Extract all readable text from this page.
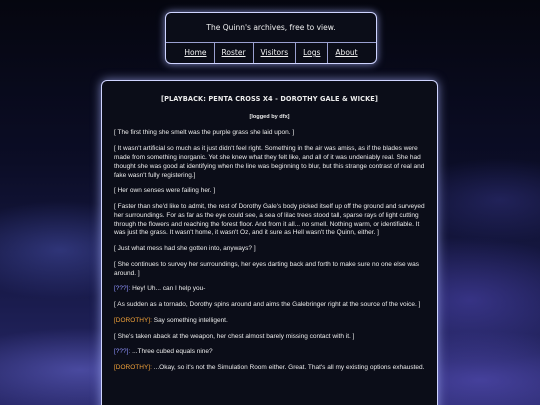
The Quinn's archives, free to view.
Home	Roster	Visitors	Logs	About
[PLAYBACK: PENTA CROSS X4 - DOROTHY GALE & WICKE]
[logged by dfx]

[ The first thing she smelt was the purple grass she laid upon. ]

[ It wasn't artificial so much as it just didn't feel right. Something in the air was amiss, as if the blades were made from something inorganic. Yet she knew what they felt like, and all of it was undeniably real. She had thought she was good at identifying when the line was beginning to blur, but this strange contrast of real and fake wasn't fully registering.]

[ Her own senses were failing her. ]

[ Faster than she'd like to admit, the rest of Dorothy Gale's body picked itself up off the ground and surveyed her surroundings. For as far as the eye could see, a sea of lilac trees stood tall, sparse rays of light cutting through the flowers and reaching the forest floor. And from it all... no smell. Nothing warm, or identifiable. It was just the grass. It wasn't home, it wasn't Oz, and it sure as Hell wasn't the Quinn, either. ]

[ Just what mess had she gotten into, anyways? ]

[ She continues to survey her surroundings, her eyes darting back and forth to make sure no one else was around. ]

[???]: Hey! Uh... can I help you-

[ As sudden as a tornado, Dorothy spins around and aims the Galebringer right at the source of the voice. ]

[DOROTHY]: Say something intelligent.

[ She's taken aback at the weapon, her chest almost barely missing contact with it. ]

[???]: ...Three cubed equals nine?

[DOROTHY]: ...Okay, so it's not the Simulation Room either. Great. That's all my existing options exhausted.
